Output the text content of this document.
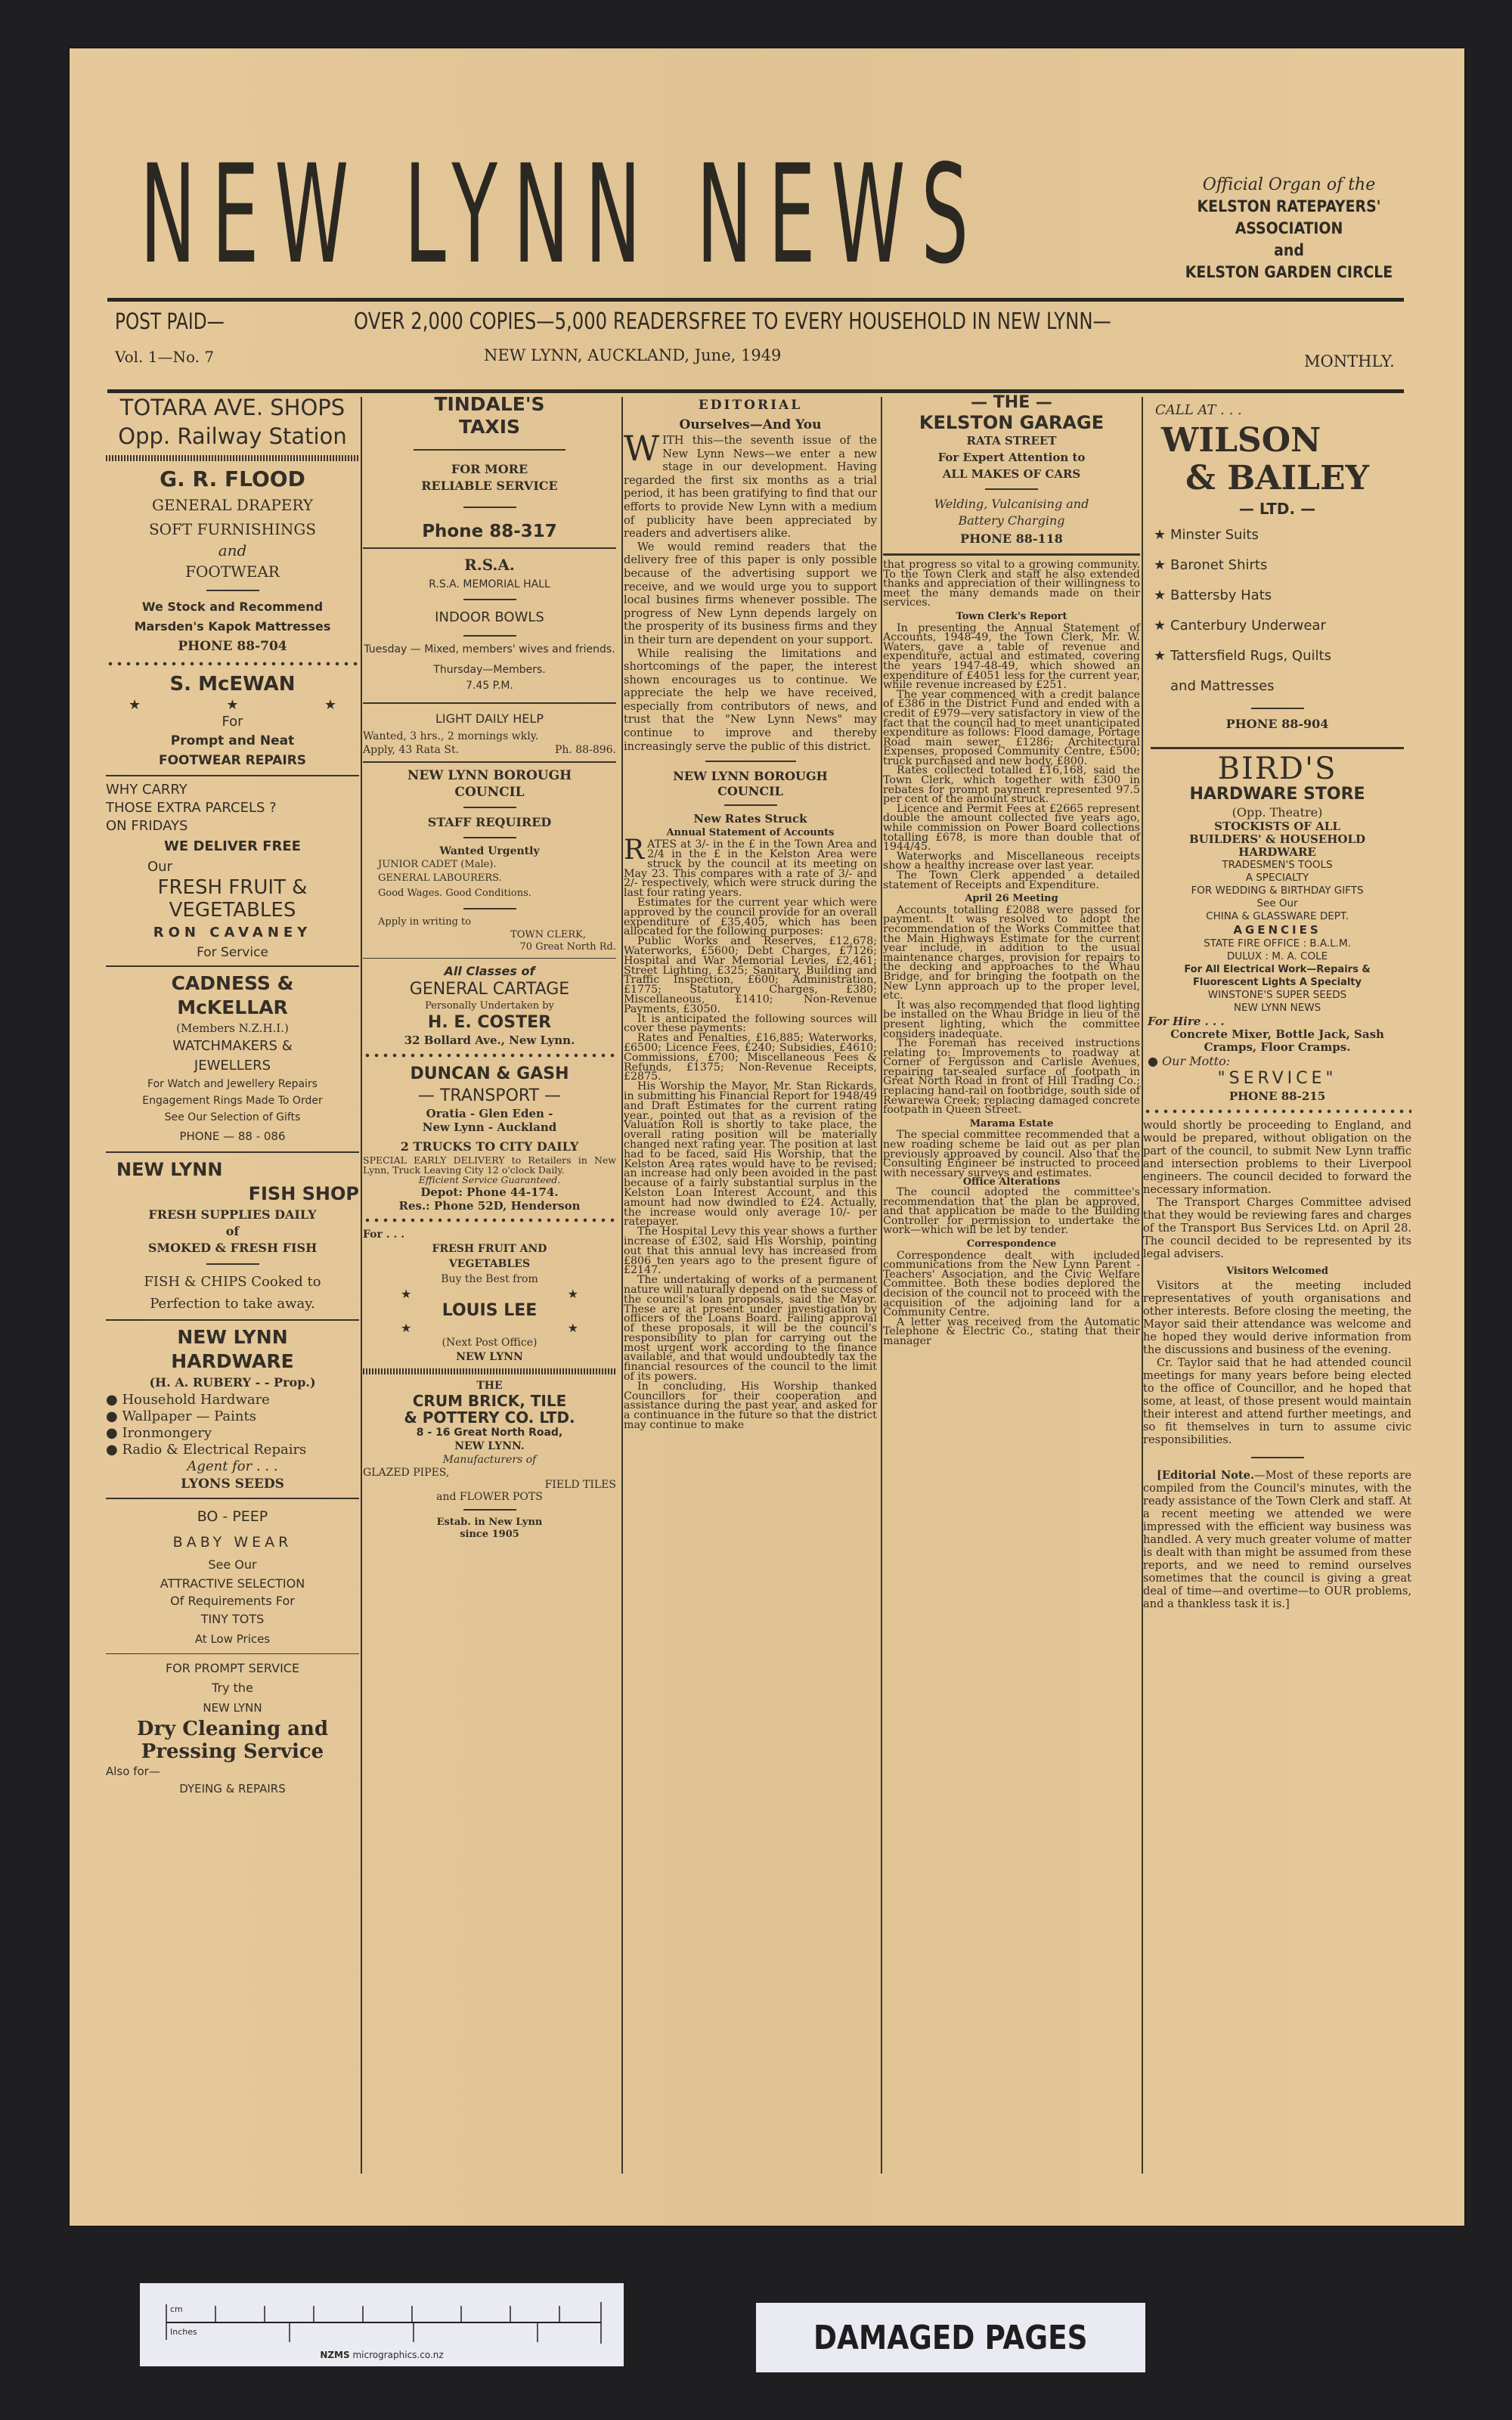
NEW LYNN NEWS	Official Organ of the
KELSTON RATEPAYERS'
ASSOCIATION
and
KELSTON GARDEN CIRCLE
POST PAID—	OVER 2,000 COPIES—5,000 READERSFREE TO EVERY HOUSEHOLD IN NEW LYNN—
Vol. 1—No. 7	NEW LYNN, AUCKLAND, June, 1949	MONTHLY.
TOTARA AVE. SHOPS
Opp. Railway Station
G. R. FLOOD
GENERAL DRAPERY
SOFT FURNISHINGS
and
FOOTWEAR
We Stock and Recommend
Marsden's Kapok Mattresses
PHONE 88-704
S. McEWAN
★	★	★
For
Prompt and Neat
FOOTWEAR REPAIRS
WHY CARRY
THOSE EXTRA PARCELS ?
ON FRIDAYS
WE DELIVER FREE
Our
FRESH FRUIT &
VEGETABLES
RON CAVANEY
For Service
CADNESS &
McKELLAR
(Members N.Z.H.I.)
WATCHMAKERS &
JEWELLERS
For Watch and Jewellery Repairs
Engagement Rings Made To Order
See Our Selection of Gifts
PHONE — 88 - 086
NEW LYNN
FISH SHOP
FRESH SUPPLIES DAILY
of
SMOKED & FRESH FISH
FISH & CHIPS Cooked to
Perfection to take away.
NEW LYNN
HARDWARE
(H. A. RUBERY - - Prop.)
● Household Hardware
● Wallpaper — Paints
● Ironmongery
● Radio & Electrical Repairs
Agent for . . .
LYONS SEEDS
BO - PEEP
BABY WEAR
See Our
ATTRACTIVE SELECTION
Of Requirements For
TINY TOTS
At Low Prices
FOR PROMPT SERVICE
Try the
NEW LYNN
Dry Cleaning and
Pressing Service
Also for—
DYEING & REPAIRS
TINDALE'S
TAXIS
FOR MORE
RELIABLE SERVICE
Phone 88-317
R.S.A.
R.S.A. MEMORIAL HALL
INDOOR BOWLS
Tuesday — Mixed, members' wives and friends.
Thursday—Members.
7.45 P.M.
LIGHT DAILY HELP
Wanted, 3 hrs., 2 mornings wkly.
Apply, 43 Rata St.	Ph. 88-896.
NEW LYNN BOROUGH
COUNCIL
STAFF REQUIRED
Wanted Urgently
JUNIOR CADET (Male).
GENERAL LABOURERS.
Good Wages. Good Conditions.
Apply in writing to
TOWN CLERK,
70 Great North Rd.
All Classes of
GENERAL CARTAGE
Personally Undertaken by
H. E. COSTER
32 Bollard Ave., New Lynn.
DUNCAN & GASH
— TRANSPORT —
Oratia - Glen Eden -
New Lynn - Auckland
2 TRUCKS TO CITY DAILY
SPECIAL EARLY DELIVERY to Retailers in New Lynn, Truck Leaving City 12 o'clock Daily.
Efficient Service Guaranteed.
Depot: Phone 44-174.
Res.: Phone 52D, Henderson
For . . .
FRESH FRUIT AND
VEGETABLES
Buy the Best from
★	★
LOUIS LEE
★	★
(Next Post Office)
NEW LYNN
THE
CRUM BRICK, TILE
& POTTERY CO. LTD.
8 - 16 Great North Road,
NEW LYNN.
Manufacturers of
GLAZED PIPES,
FIELD TILES
and FLOWER POTS
Estab. in New Lynn
since 1905
EDITORIAL
Ourselves—And You

WITH this—the seventh issue of the New Lynn News—we enter a new stage in our development. Having regarded the first six months as a trial period, it has been gratifying to find that our efforts to provide New Lynn with a medium of publicity have been appreciated by readers and advertisers alike.

We would remind readers that the delivery free of this paper is only possible because of the advertising support we receive, and we would urge you to support local busines firms whenever possible. The progress of New Lynn depends largely on the prosperity of its business firms and they in their turn are dependent on your support.

While realising the limitations and shortcomings of the paper, the interest shown encourages us to continue. We appreciate the help we have received, especially from contributors of news, and trust that the "New Lynn News" may continue to improve and thereby increasingly serve the public of this district.

NEW LYNN BOROUGH
COUNCIL
New Rates Struck
Annual Statement of Accounts

RATES at 3/- in the £ in the Town Area and 2/4 in the £ in the Kelston Area were struck by the council at its meeting on May 23. This compares with a rate of 3/- and 2/- respectively, which were struck during the last four rating years.

Estimates for the current year which were approved by the council provide for an overall expenditure of £35,405, which has been allocated for the following purposes:

Public Works and Reserves, £12,678; Waterworks, £5600; Debt Charges, £7126; Hospital and War Memorial Levies, £2,461; Street Lighting, £325; Sanitary, Building and Traffic Inspection, £600; Administration, £1775; Statutory Charges, £380; Miscellaneous, £1410; Non-Revenue Payments, £3050.

It is anticipated the following sources will cover these payments:

Rates and Penalties, £16,885; Waterworks, £6500; Licence Fees, £240; Subsidies, £4610; Commissions, £700; Miscellaneous Fees & Refunds, £1375; Non-Revenue Receipts, £2875.

His Worship the Mayor, Mr. Stan Rickards, in submitting his Financial Report for 1948/49 and Draft Estimates for the current rating year., pointed out that as a revision of the Valuation Roll is shortly to take place, the overall rating position will be materially changed next rating year. The position at last had to be faced, said His Worship, that the Kelston Area rates would have to be revised; an increase had only been avoided in the past because of a fairly substantial surplus in the Kelston Loan Interest Account, and this amount had now dwindled to £24. Actually, the increase would only average 10/- per ratepayer.

The Hospital Levy this year shows a further increase of £302, said His Worship, pointing out that this annual levy has increased from £806 ten years ago to the present figure of £2147.

The undertaking of works of a permanent nature will naturally depend on the success of the council's loan proposals, said the Mayor. These are at present under investigation by officers of the Loans Board. Failing approval of these proposals, it will be the council's responsibility to plan for carrying out the most urgent work according to the finance available, and that would undoubtedly tax the financial resources of the council to the limit of its powers.

In concluding, His Worship thanked Councillors for their cooperation and assistance during the past year, and asked for a continuance in the future so that the district may continue to make

— THE —
KELSTON GARAGE
RATA STREET
For Expert Attention to
ALL MAKES OF CARS
Welding, Vulcanising and
Battery Charging
PHONE 88-118

that progress so vital to a growing community. To the Town Clerk and staff he also extended thanks and appreciation of their willingness to meet the many demands made on their services.

Town Clerk's Report

In presenting the Annual Statement of Accounts, 1948-49, the Town Clerk, Mr. W. Waters, gave a table of revenue and expenditure, actual and estimated, covering the years 1947-48-49, which showed an expenditure of £4051 less for the current year, while revenue increased by £251.

The year commenced with a credit balance of £386 in the District Fund and ended with a credit of £979—very satisfactory in view of the fact that the council had to meet unanticipated expenditure as follows: Flood damage, Portage Road main sewer, £1286; Architectural Expenses, proposed Community Centre, £500; truck purchased and new body, £800.

Rates collected totalled £16,168, said the Town Clerk, which together with £300 in rebates for prompt payment represented 97.5 per cent of the amount struck.

Licence and Permit Fees at £2665 represent double the amount collected five years ago, while commission on Power Board collections totalling £678, is more than double that of 1944/45.

Waterworks and Miscellaneous receipts show a healthy increase over last year.

The Town Clerk appended a detailed statement of Receipts and Expenditure.

April 26 Meeting

Accounts totalling £2088 were passed for payment. It was resolved to adopt the recommendation of the Works Committee that the Main Highways Estimate for the current year include, in addition to the usual maintenance charges, provision for repairs to the decking and approaches to the Whau Bridge, and for bringing the footpath on the New Lynn approach up to the proper level, etc.

It was also recommended that flood lighting be installed on the Whau Bridge in lieu of the present lighting, which the committee considers inadequate.

The Foreman has received instructions relating to: Improvements to roadway at Corner of Fergusson and Carlisle Avenues, repairing tar-sealed surface of footpath in Great North Road in front of Hill Trading Co.; replacing hand-rail on footbridge, south side of Rewarewa Creek; replacing damaged concrete footpath in Queen Street.

Marama Estate

The special committee recommended that a new roading scheme be laid out as per plan previously approaved by council. Also that the Consulting Engineer be instructed to proceed with necessary surveys and estimates.

Office Alterations

The council adopted the committee's recommendation that the plan be approved, and that application be made to the Building Controller for permission to undertake the work—which will be let by tender.

Correspondence

Correspondence dealt with included communications from the New Lynn Parent - Teachers' Association, and the Civic Welfare Committee. Both these bodies deplored the decision of the council not to proceed with the acquisition of the adjoining land for a Community Centre.

A letter was received from the Automatic Telephone & Electric Co., stating that their manager

CALL AT . . .
WILSON
& BAILEY
— LTD. —
★ Minster Suits
★ Baronet Shirts
★ Battersby Hats
★ Canterbury Underwear
★ Tattersfield Rugs, Quilts
and Mattresses
PHONE 88-904
BIRD'S
HARDWARE STORE
(Opp. Theatre)
STOCKISTS OF ALL
BUILDERS' & HOUSEHOLD
HARDWARE
TRADESMEN'S TOOLS
A SPECIALTY
FOR WEDDING & BIRTHDAY GIFTS
See Our
CHINA & GLASSWARE DEPT.
AGENCIES
STATE FIRE OFFICE : B.A.L.M.
DULUX : M. A. COLE
For All Electrical Work—Repairs &
Fluorescent Lights A Specialty
WINSTONE'S SUPER SEEDS
NEW LYNN NEWS
For Hire . . .
Concrete Mixer, Bottle Jack, Sash Cramps, Floor Cramps.
● Our Motto:
"SERVICE"
PHONE 88-215

would shortly be proceeding to England, and would be prepared, without obligation on the part of the council, to submit New Lynn traffic and intersection problems to their Liverpool engineers. The council decided to forward the necessary information.

The Transport Charges Committee advised that they would be reviewing fares and charges of the Transport Bus Services Ltd. on April 28. The council decided to be represented by its legal advisers.

Visitors Welcomed

Visitors at the meeting included representatives of youth organisations and other interests. Before closing the meeting, the Mayor said their attendance was welcome and he hoped they would derive information from the discussions and business of the evening.

Cr. Taylor said that he had attended council meetings for many years before being elected to the office of Councillor, and he hoped that some, at least, of those present would maintain their interest and attend further meetings, and so fit themselves in turn to assume civic responsibilities.

[Editorial Note.—Most of these reports are compiled from the Council's minutes, with the ready assistance of the Town Clerk and staff. At a recent meeting we attended we were impressed with the efficient way business was handled. A very much greater volume of matter is dealt with than might be assumed from these reports, and we need to remind ourselves sometimes that the council is giving a great deal of time—and overtime—to OUR problems, and a thankless task it is.]

cm
Inches
NZMS micrographics.co.nz	DAMAGED PAGES
